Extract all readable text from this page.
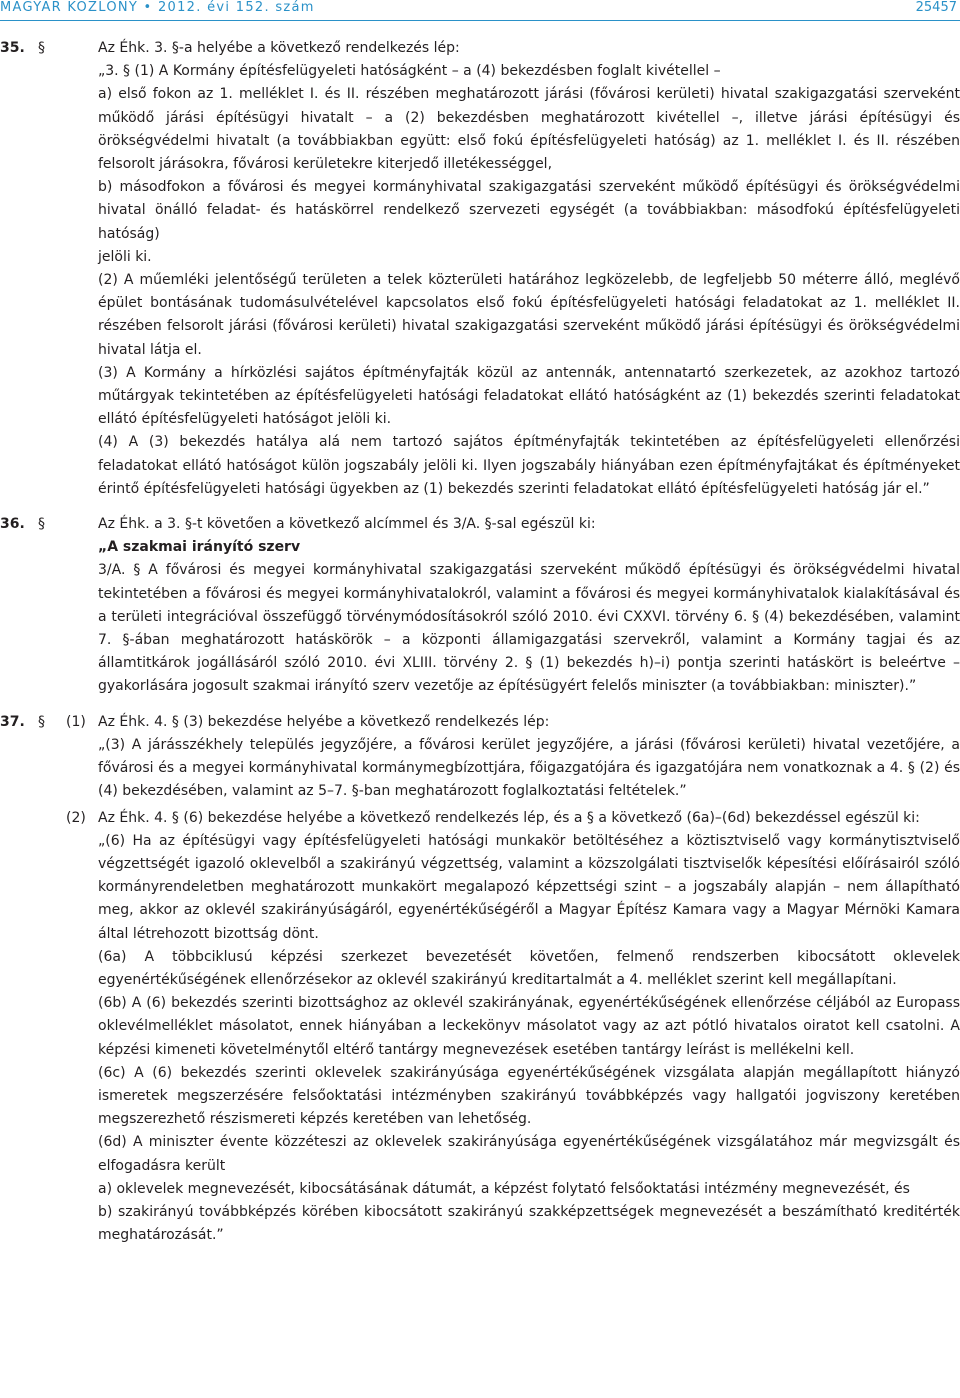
MAGYAR KÖZLÖNY • 2012. évi 152. szám	25457
35. §	Az Éhk. 3. §-a helyébe a következő rendelkezés lép:

„3. § (1) A Kormány építésfelügyeleti hatóságként – a (4) bekezdésben foglalt kivétellel –

a) első fokon az 1. melléklet I. és II. részében meghatározott járási (fővárosi kerületi) hivatal szakigazgatási szerveként működő járási építésügyi hivatalt – a (2) bekezdésben meghatározott kivétellel –, illetve járási építésügyi és örökségvédelmi hivatalt (a továbbiakban együtt: első fokú építésfelügyeleti hatóság) az 1. melléklet I. és II. részében felsorolt járásokra, fővárosi kerületekre kiterjedő illetékességgel,

b) másodfokon a fővárosi és megyei kormányhivatal szakigazgatási szerveként működő építésügyi és örökségvédelmi hivatal önálló feladat- és hatáskörrel rendelkező szervezeti egységét (a továbbiakban: másodfokú építésfelügyeleti hatóság)

jelöli ki.

(2) A műemléki jelentőségű területen a telek közterületi határához legközelebb, de legfeljebb 50 méterre álló, meglévő épület bontásának tudomásulvételével kapcsolatos első fokú építésfelügyeleti hatósági feladatokat az 1. melléklet II. részében felsorolt járási (fővárosi kerületi) hivatal szakigazgatási szerveként működő járási építésügyi és örökségvédelmi hivatal látja el.

(3) A Kormány a hírközlési sajátos építményfajták közül az antennák, antennatartó szerkezetek, az azokhoz tartozó műtárgyak tekintetében az építésfelügyeleti hatósági feladatokat ellátó hatóságként az (1) bekezdés szerinti feladatokat ellátó építésfelügyeleti hatóságot jelöli ki.

(4) A (3) bekezdés hatálya alá nem tartozó sajátos építményfajták tekintetében az építésfelügyeleti ellenőrzési feladatokat ellátó hatóságot külön jogszabály jelöli ki. Ilyen jogszabály hiányában ezen építményfajtákat és építményeket érintő építésfelügyeleti hatósági ügyekben az (1) bekezdés szerinti feladatokat ellátó építésfelügyeleti hatóság jár el.”

36. §	Az Éhk. a 3. §-t követően a következő alcímmel és 3/A. §-sal egészül ki:

„A szakmai irányító szerv

3/A. § A fővárosi és megyei kormányhivatal szakigazgatási szerveként működő építésügyi és örökségvédelmi hivatal tekintetében a fővárosi és megyei kormányhivatalokról, valamint a fővárosi és megyei kormányhivatalok kialakításával és a területi integrációval összefüggő törvénymódosításokról szóló 2010. évi CXXVI. törvény 6. § (4) bekezdésében, valamint 7. §-ában meghatározott hatáskörök – a központi államigazgatási szervekről, valamint a Kormány tagjai és az államtitkárok jogállásáról szóló 2010. évi XLIII. törvény 2. § (1) bekezdés h)–i) pontja szerinti hatáskört is beleértve – gyakorlására jogosult szakmai irányító szerv vezetője az építésügyért felelős miniszter (a továbbiakban: miniszter).”

37. § (1) Az Éhk. 4. § (3) bekezdése helyébe a következő rendelkezés lép:

„(3) A járásszékhely település jegyzőjére, a fővárosi kerület jegyzőjére, a járási (fővárosi kerületi) hivatal vezetőjére, a fővárosi és a megyei kormányhivatal kormánymegbízottjára, főigazgatójára és igazgatójára nem vonatkoznak a 4. § (2) és (4) bekezdésében, valamint az 5–7. §-ban meghatározott foglalkoztatási feltételek.”

(2) Az Éhk. 4. § (6) bekezdése helyébe a következő rendelkezés lép, és a § a következő (6a)–(6d) bekezdéssel egészül ki:

„(6) Ha az építésügyi vagy építésfelügyeleti hatósági munkakör betöltéséhez a köztisztviselő vagy kormánytisztviselő végzettségét igazoló oklevelből a szakirányú végzettség, valamint a közszolgálati tisztviselők képesítési előírásairól szóló kormányrendeletben meghatározott munkakört megalapozó képzettségi szint – a jogszabály alapján – nem állapítható meg, akkor az oklevél szakirányúságáról, egyenértékűségéről a Magyar Építész Kamara vagy a Magyar Mérnöki Kamara által létrehozott bizottság dönt.

(6a) A többciklusú képzési szerkezet bevezetését követően, felmenő rendszerben kibocsátott oklevelek egyenértékűségének ellenőrzésekor az oklevél szakirányú kreditartalmát a 4. melléklet szerint kell megállapítani.

(6b) A (6) bekezdés szerinti bizottsághoz az oklevél szakirányának, egyenértékűségének ellenőrzése céljából az Europass oklevélmelléklet másolatot, ennek hiányában a leckekönyv másolatot vagy az azt pótló hivatalos oiratot kell csatolni. A képzési kimeneti követelménytől eltérő tantárgy megnevezések esetében tantárgy leírást is mellékelni kell.

(6c) A (6) bekezdés szerinti oklevelek szakirányúsága egyenértékűségének vizsgálata alapján megállapított hiányzó ismeretek megszerzésére felsőoktatási intézményben szakirányú továbbképzés vagy hallgatói jogviszony keretében megszerezhető részismereti képzés keretében van lehetőség.

(6d) A miniszter évente közzéteszi az oklevelek szakirányúsága egyenértékűségének vizsgálatához már megvizsgált és elfogadásra került

a) oklevelek megnevezését, kibocsátásának dátumát, a képzést folytató felsőoktatási intézmény megnevezését, és

b) szakirányú továbbképzés körében kibocsátott szakirányú szakképzettségek megnevezését a beszámítható kreditérték meghatározását.”
